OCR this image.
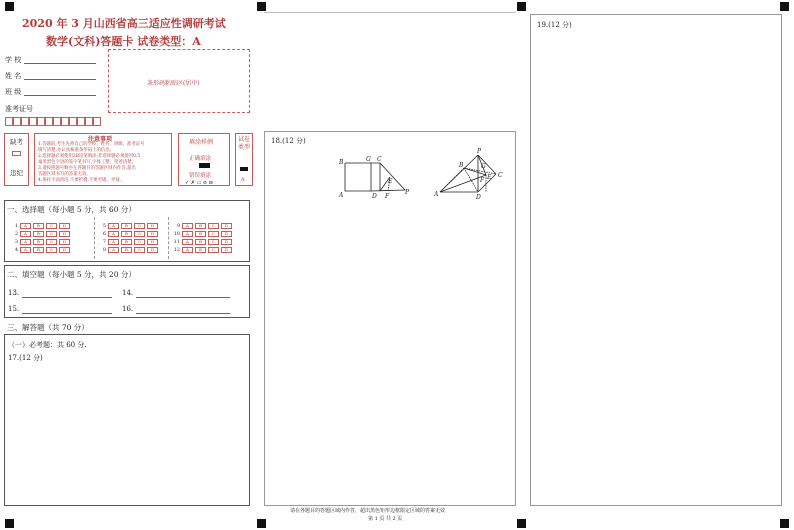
2020 年 3 月山西省高三适应性调研考试
数学(文科)答题卡 试卷类型：A
学 校
姓 名
班 级
准考证号
条形码粘贴区(居中)
缺考
违纪
注意事项
1.答题前,考生先将自己的学校、姓名、班级、准考证号
填写清楚,并认真核准条形码上的信息。
2.选择题必须使用2B铅笔填涂;非选择题必须使用0.5
毫米黑色字迹的签字笔书写,字体工整、笔迹清楚。
3.请按照题号顺序在各题目的答题区域内作答,超出
答题区域书写的答案无效。
4.保持卡面清洁,不要折叠,不要弄破、弄皱。
填涂样例
正确填涂
错误填涂
✓ ✗ ▭ ⊘ ⊟
试卷类型
A
一、选择题（每小题 5 分，共 60 分）
1	A	B	C	D
2	A	B	C	D
3	A	B	C	D
4	A	B	C	D
5	A	B	C	D
6	A	B	C	D
7	A	B	C	D
8	A	B	C	D
9	A	B	C	D
10	A	B	C	D
11	A	B	C	D
12	A	B	C	D
二、填空题（每小题 5 分，共 20 分）
13.	14.
15.	16.
三、解答题（共 70 分）
（一）必考题：共 60 分.
17.(12 分)
18.(12 分)
B	G C
E
A	D F
P
P
G
B
C
E
F
A	D
请在各题目的答题区域内作答，超出黑色矩形边框限定区域的答案无效
第 1 页 共 2 页
19.(12 分)
